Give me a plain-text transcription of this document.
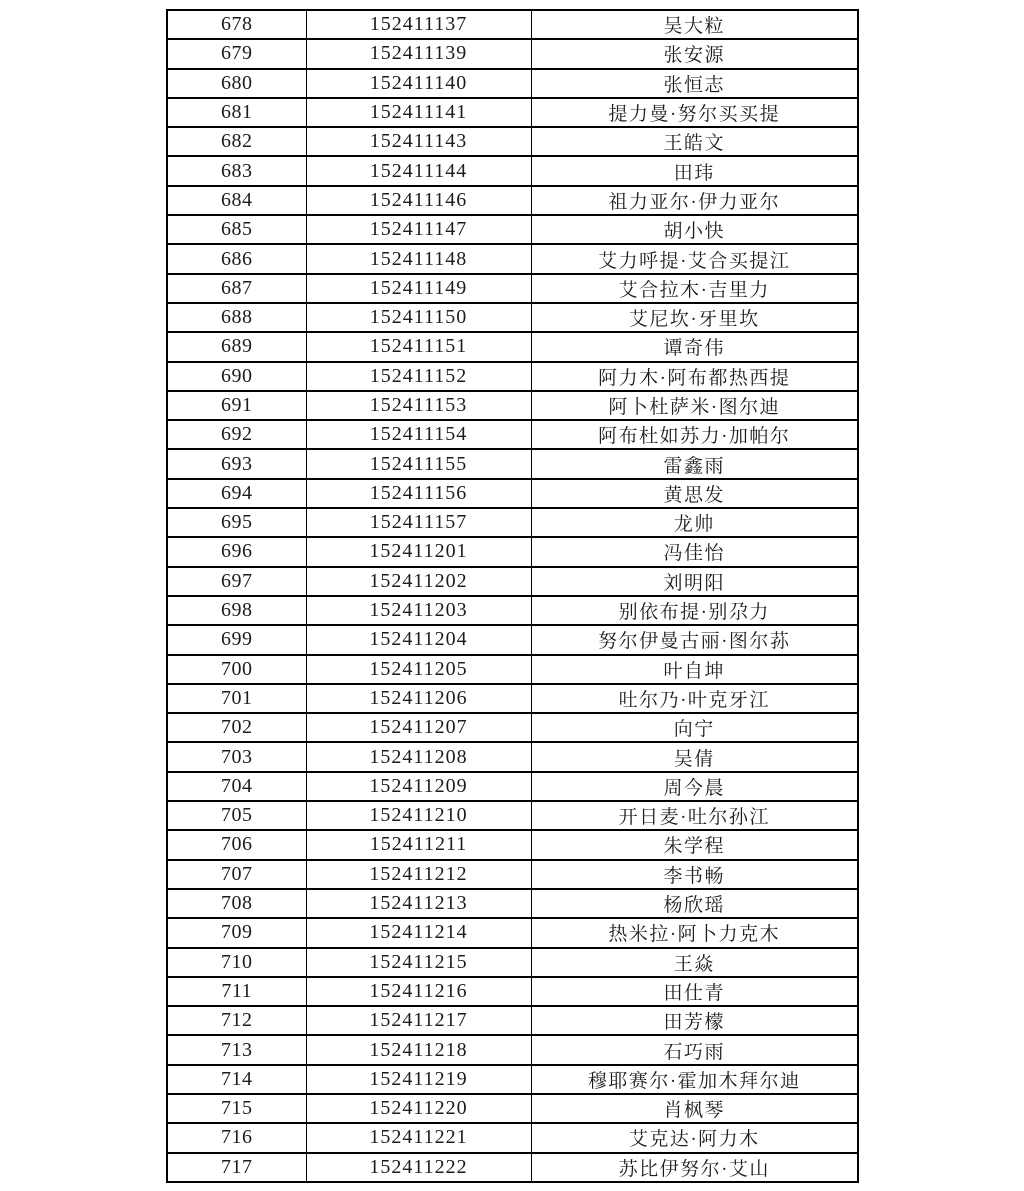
678	152411137	吴大粒
679	152411139	张安源
680	152411140	张恒志
681	152411141	提力曼·努尔买买提
682	152411143	王皓文
683	152411144	田玮
684	152411146	祖力亚尔·伊力亚尔
685	152411147	胡小快
686	152411148	艾力呼提·艾合买提江
687	152411149	艾合拉木·吉里力
688	152411150	艾尼坎·牙里坎
689	152411151	谭奇伟
690	152411152	阿力木·阿布都热西提
691	152411153	阿卜杜萨米·图尔迪
692	152411154	阿布杜如苏力·加帕尔
693	152411155	雷鑫雨
694	152411156	黄思发
695	152411157	龙帅
696	152411201	冯佳怡
697	152411202	刘明阳
698	152411203	别依布提·别尕力
699	152411204	努尔伊曼古丽·图尔荪
700	152411205	叶自坤
701	152411206	吐尔乃·叶克牙江
702	152411207	向宁
703	152411208	吴倩
704	152411209	周今晨
705	152411210	开日麦·吐尔孙江
706	152411211	朱学程
707	152411212	李书畅
708	152411213	杨欣瑶
709	152411214	热米拉·阿卜力克木
710	152411215	王焱
711	152411216	田仕青
712	152411217	田芳檬
713	152411218	石巧雨
714	152411219	穆耶赛尔·霍加木拜尔迪
715	152411220	肖枫琴
716	152411221	艾克达·阿力木
717	152411222	苏比伊努尔·艾山
